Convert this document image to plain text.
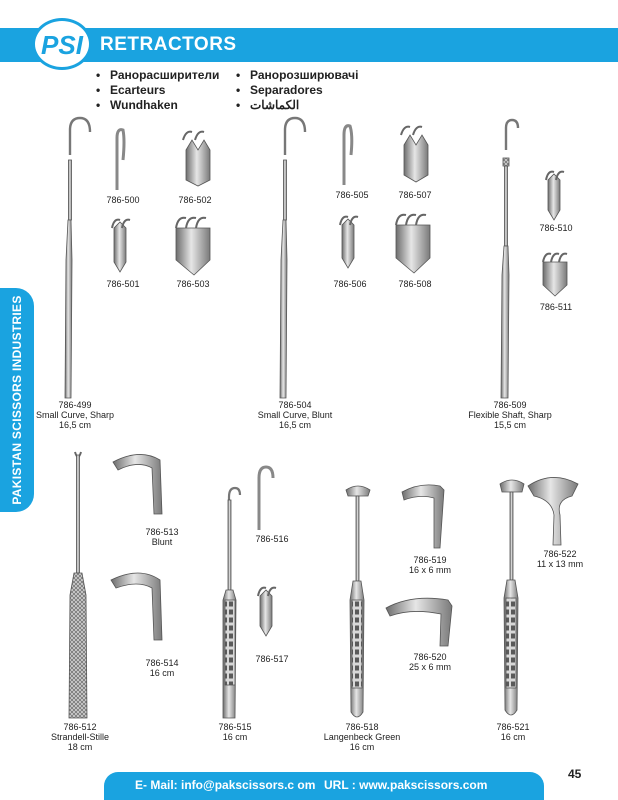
PSI RETRACTORS
• Ранорасширители
• Ecarteurs
• Wundhaken
• Ранорозширювачі
• Separadores
• الكماشات
PAKISTAN SCISSORS INDUSTRIES	786-499
Small Curve, Sharp
16,5 cm
786-500	786-502
786-501	786-503
786-504
Small Curve, Blunt
16,5 cm
786-505	786-507
786-506	786-508
786-509
Flexible Shaft, Sharp
15,5 cm
786-510
786-511
786-512
Strandell-Stille
18 cm
786-513
Blunt
786-514
16 cm
786-515
16 cm
786-516
786-517
786-518
Langenbeck Green
16 cm
786-519
16 x 6 mm
786-520
25 x 6 mm
786-521
16 cm
786-522
11 x 13 mm
E- Mail: info@pakscissors.c om URL : www.pakscissors.com
45
